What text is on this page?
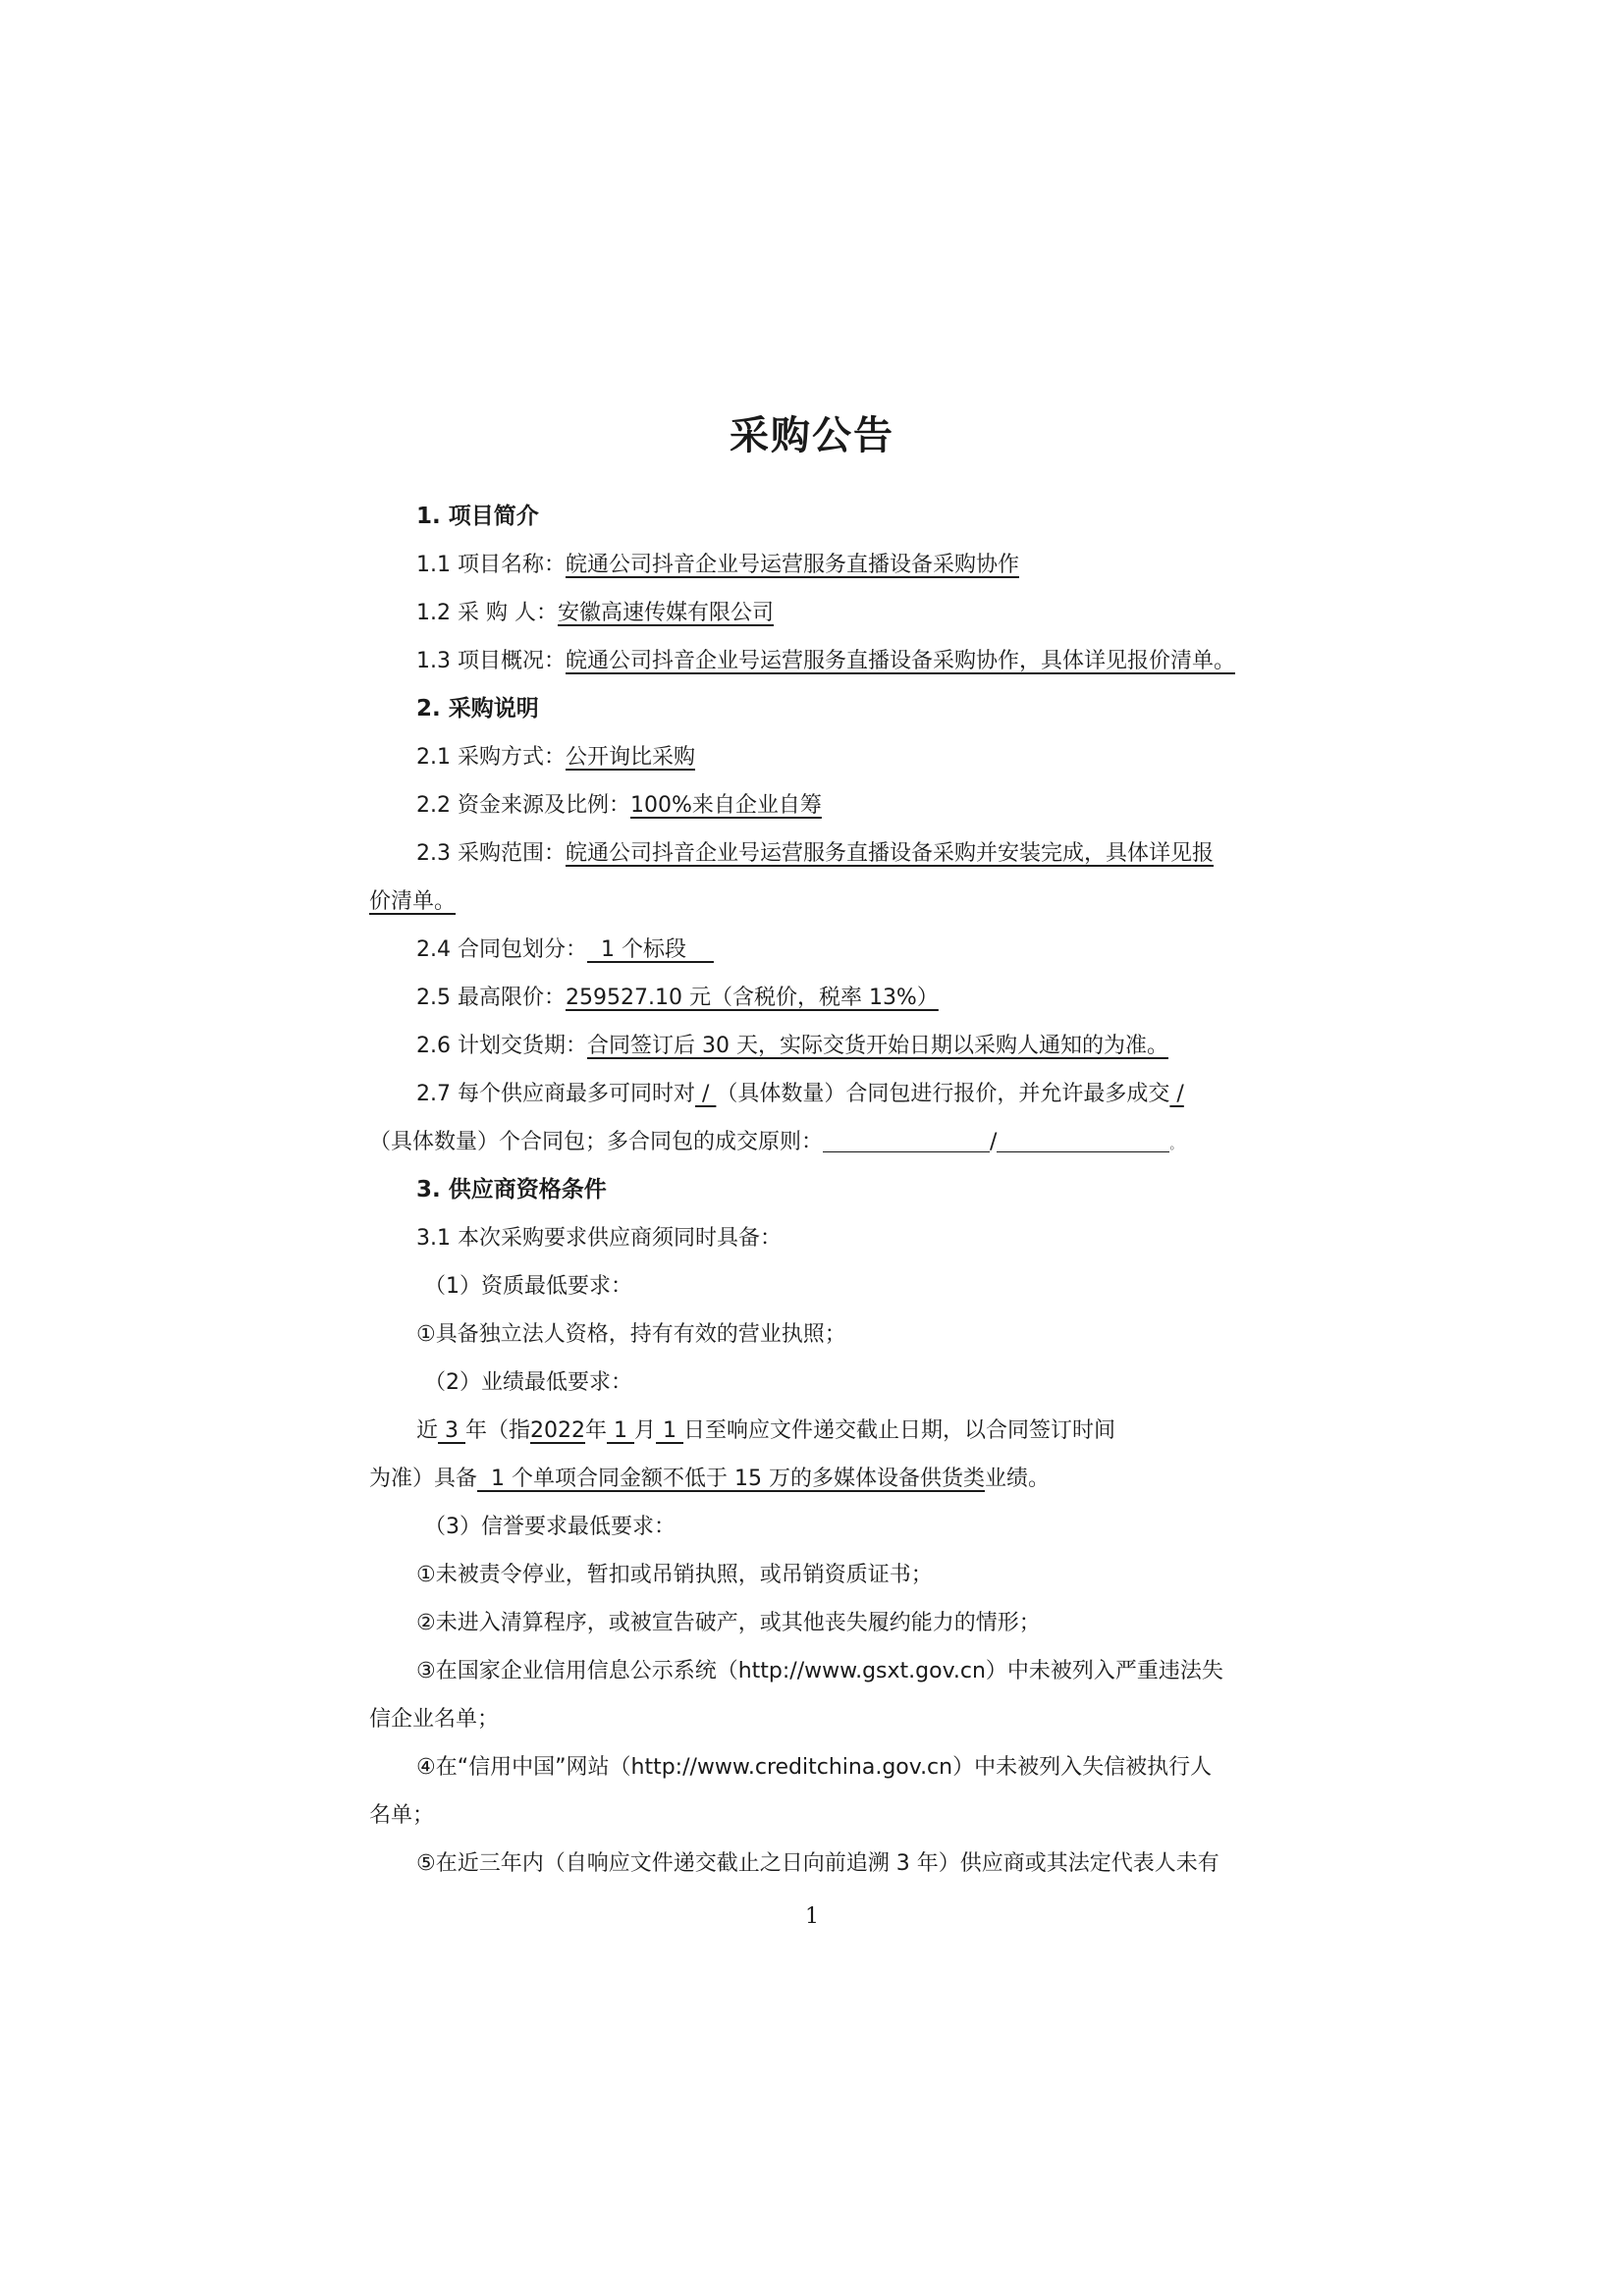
采购公告
1. 项目简介
1.1 项目名称：皖通公司抖音企业号运营服务直播设备采购协作
1.2 采 购 人：安徽高速传媒有限公司
1.3 项目概况：皖通公司抖音企业号运营服务直播设备采购协作，具体详见报价清单。
2. 采购说明
2.1 采购方式：公开询比采购
2.2 资金来源及比例：100%来自企业自筹
2.3 采购范围：皖通公司抖音企业号运营服务直播设备采购并安装完成，具体详见报
价清单。
2.4 合同包划分：  1 个标段
2.5 最高限价：259527.10 元（含税价，税率 13%）
2.6 计划交货期：合同签订后 30 天，实际交货开始日期以采购人通知的为准。
2.7 每个供应商最多可同时对 / （具体数量）合同包进行报价，并允许最多成交 /
（具体数量）个合同包；多合同包的成交原则：	/	。
3. 供应商资格条件
3.1 本次采购要求供应商须同时具备：
（1）资质最低要求：
①具备独立法人资格，持有有效的营业执照；
（2）业绩最低要求：
近 3 年（指2022年 1 月 1 日至响应文件递交截止日期，以合同签订时间
为准）具备  1 个单项合同金额不低于 15 万的多媒体设备供货类业绩。
（3）信誉要求最低要求：
①未被责令停业，暂扣或吊销执照，或吊销资质证书；
②未进入清算程序，或被宣告破产，或其他丧失履约能力的情形；
③在国家企业信用信息公示系统（http://www.gsxt.gov.cn）中未被列入严重违法失
信企业名单；
④在“信用中国”网站（http://www.creditchina.gov.cn）中未被列入失信被执行人
名单；
⑤在近三年内（自响应文件递交截止之日向前追溯 3 年）供应商或其法定代表人未有
1
